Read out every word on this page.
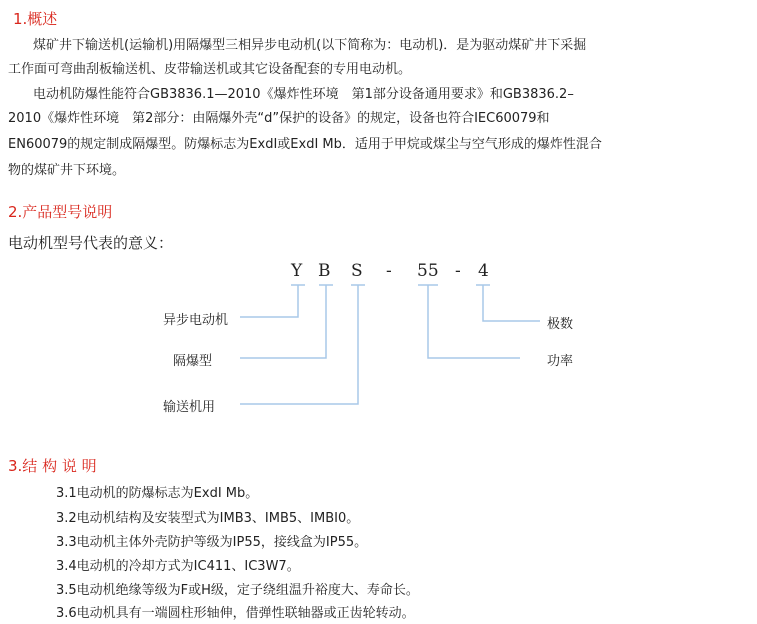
1.概述
煤矿井下输送机(运输机)用隔爆型三相异步电动机(以下简称为：电动机)．是为驱动煤矿井下采掘
工作面可弯曲刮板输送机、皮带输送机或其它设备配套的专用电动机。
电动机防爆性能符合GB3836.1—2010《爆炸性环境　第1部分设备通用要求》和GB3836.2–
2010《爆炸性环境　第2部分：由隔爆外壳“d”保护的设备》的规定，设备也符合IEC60079和
EN60079的规定制成隔爆型。防爆标志为ExdI或ExdI Mb．适用于甲烷或煤尘与空气形成的爆炸性混合
物的煤矿井下环境。
2.产品型号说明
电动机型号代表的意义：
Y B S - 55 - 4
异步电动机
隔爆型
输送机用
极数
功率
3.结 构 说 明
3.1电动机的防爆标志为ExdI Mb。
3.2电动机结构及安装型式为IMB3、IMB5、IMBI0。
3.3电动机主体外壳防护等级为IP55，接线盒为IP55。
3.4电动机的冷却方式为IC411、IC3W7。
3.5电动机绝缘等级为F或H级，定子绕组温升裕度大、寿命长。
3.6电动机具有一端圆柱形轴伸，借弹性联轴器或正齿轮转动。
